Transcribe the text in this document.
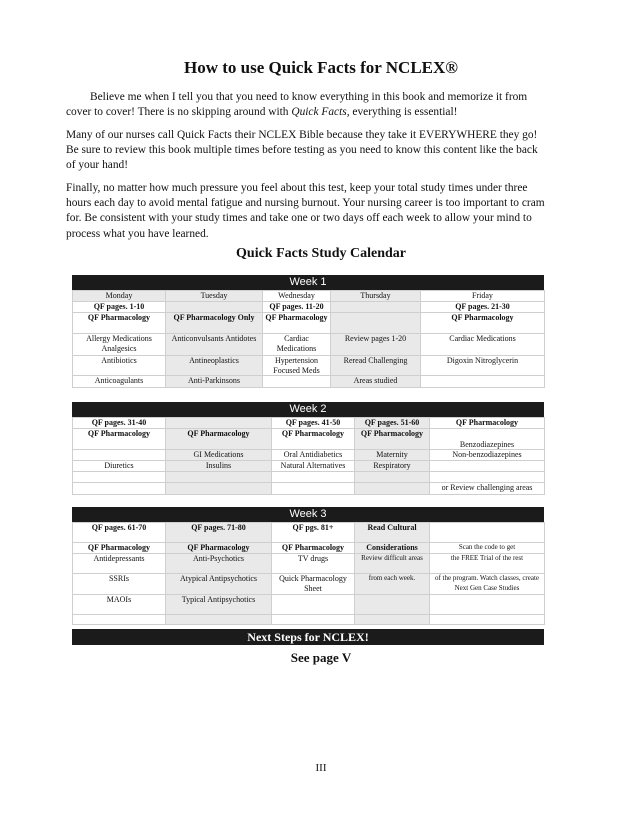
How to use Quick Facts for NCLEX®
Believe me when I tell you that you need to know everything in this book and memorize it from cover to cover! There is no skipping around with Quick Facts, everything is essential!
Many of our nurses call Quick Facts their NCLEX Bible because they take it EVERYWHERE they go! Be sure to review this book multiple times before testing as you need to know this content like the back of your hand!
Finally, no matter how much pressure you feel about this test, keep your total study times under three hours each day to avoid mental fatigue and nursing burnout. Your nursing career is too important to cram for. Be consistent with your study times and take one or two days off each week to allow your mind to process what you have learned.
Quick Facts Study Calendar
Week 1
Monday	Tuesday	Wednesday	Thursday	Friday
QF pages. 1-10		QF pages. 11-20		QF pages. 21-30
QF Pharmacology	QF Pharmacology Only	QF Pharmacology		QF Pharmacology
Allergy Medications Analgesics	Anticonvulsants Antidotes	Cardiac Medications	Review pages 1-20	Cardiac Medications
Antibiotics	Antineoplastics	Hypertension Focused Meds	Reread Challenging	Digoxin Nitroglycerin
Anticoagulants	Anti-Parkinsons		Areas studied	
Week 2
QF pages. 31-40		QF pages. 41-50	QF pages. 51-60	QF Pharmacology
QF Pharmacology	QF Pharmacology	QF Pharmacology	QF Pharmacology	Benzodiazepines
	GI Medications	Oral Antidiabetics	Maternity	Non-benzodiazepines
Diuretics	Insulins	Natural Alternatives	Respiratory	

				or Review challenging areas
Week 3
QF pages. 61-70	QF pages. 71-80	QF pgs. 81+	Read Cultural	
QF Pharmacology	QF Pharmacology	QF Pharmacology	Considerations	Scan the code to get
Antidepressants	Anti-Psychotics	TV drugs	Review difficult areas	the FREE Trial of the rest
SSRIs	Atypical Antipsychotics	Quick Pharmacology Sheet	from each week.	of the program. Watch classes, create Next Gen Case Studies
MAOIs	Typical Antipsychotics			

Next Steps for NCLEX!
See page V
III
